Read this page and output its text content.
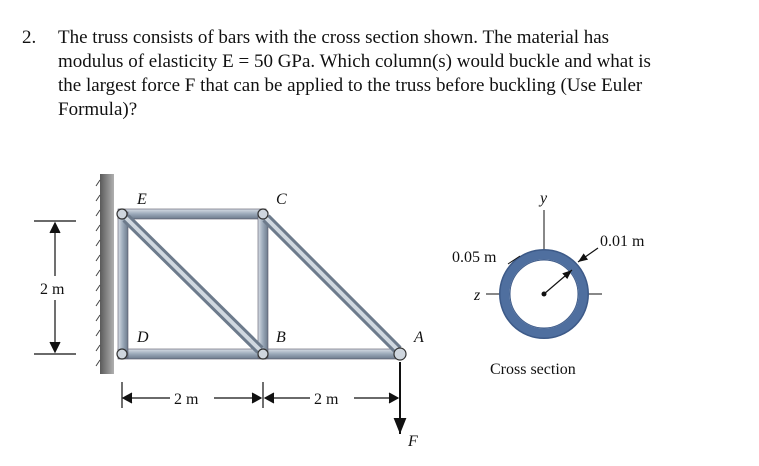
2. The truss consists of bars with the cross section shown. The material has
modulus of elasticity E = 50 GPa. Which column(s) would buckle and what is
the largest force F that can be applied to the truss before buckling (Use Euler
Formula)?
E	C
D	B	A
F
2 m
2 m	2 m
y
z
0.05 m
0.01 m
Cross section
